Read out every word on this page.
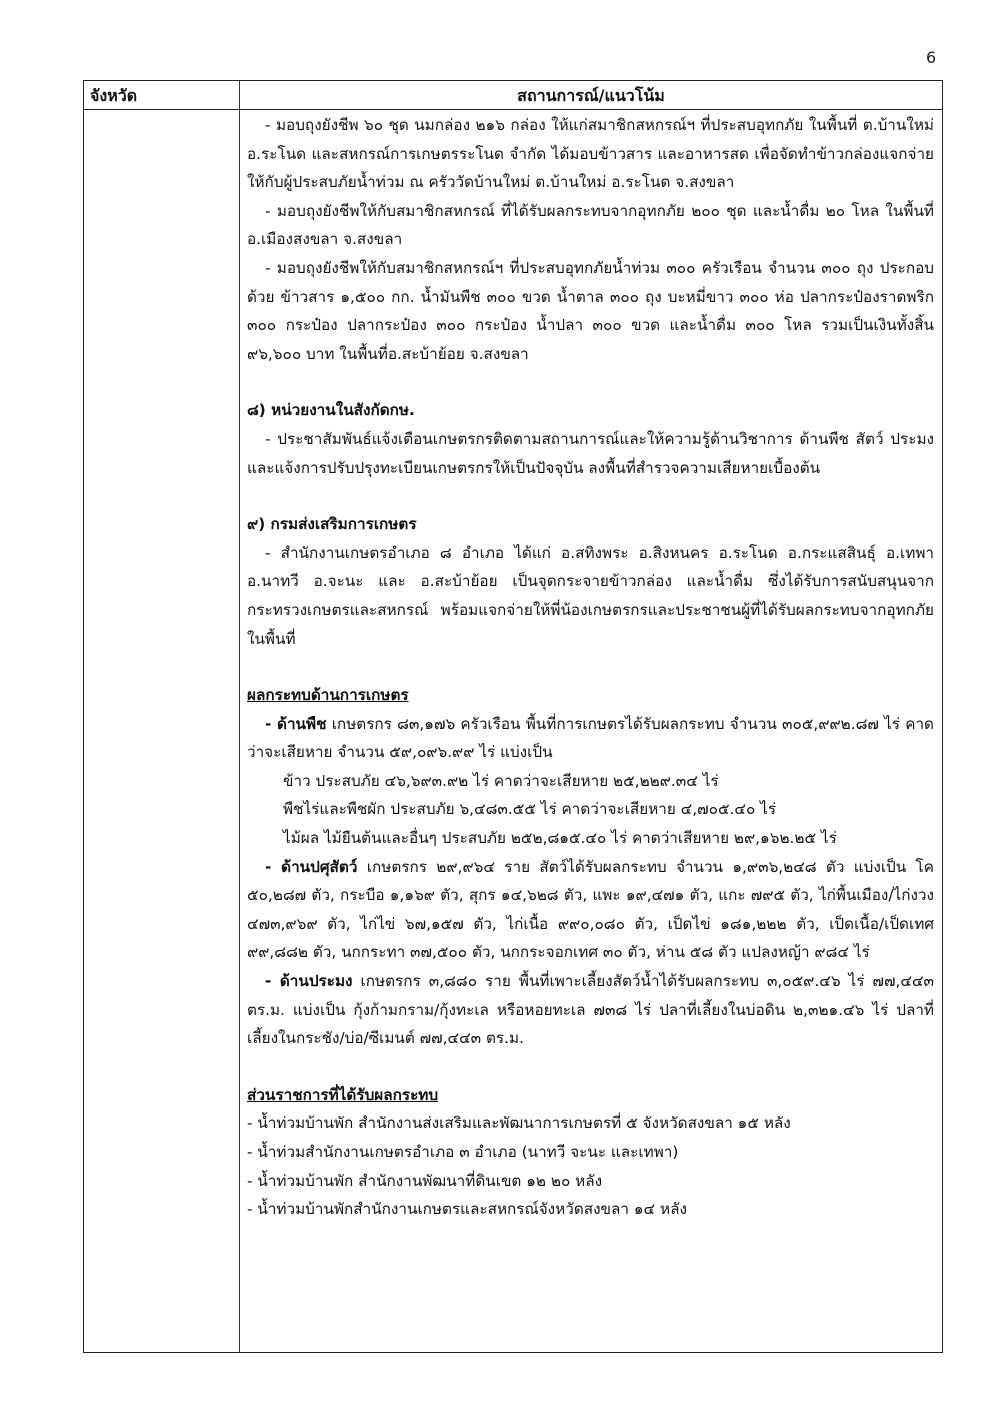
6
จังหวัด	สถานการณ์/แนวโน้ม

- มอบถุงยังชีพ ๖๐ ชุด นมกล่อง ๒๑๖ กล่อง ให้แก่สมาชิกสหกรณ์ฯ ที่ประสบอุทกภัย ในพื้นที่ ต.บ้านใหม่ อ.ระโนด และสหกรณ์การเกษตรระโนด จำกัด ได้มอบข้าวสาร และอาหารสด เพื่อจัดทำข้าวกล่องแจกจ่ายให้กับผู้ประสบภัยน้ำท่วม ณ ครัววัดบ้านใหม่ ต.บ้านใหม่ อ.ระโนด จ.สงขลา

- มอบถุงยังชีพให้กับสมาชิกสหกรณ์ ที่ได้รับผลกระทบจากอุทกภัย ๒๐๐ ชุด และน้ำดื่ม ๒๐ โหล ในพื้นที่ อ.เมืองสงขลา จ.สงขลา

- มอบถุงยังชีพให้กับสมาชิกสหกรณ์ฯ ที่ประสบอุทกภัยน้ำท่วม ๓๐๐ ครัวเรือน จำนวน ๓๐๐ ถุง ประกอบด้วย ข้าวสาร ๑,๕๐๐ กก. น้ำมันพืช ๓๐๐ ขวด น้ำตาล ๓๐๐ ถุง บะหมี่ขาว ๓๐๐ ห่อ ปลากระป๋องราดพริก ๓๐๐ กระป๋อง ปลากระป๋อง ๓๐๐ กระป๋อง น้ำปลา ๓๐๐ ขวด และน้ำดื่ม ๓๐๐ โหล รวมเป็นเงินทั้งสิ้น ๙๖,๖๐๐ บาท ในพื้นที่อ.สะบ้าย้อย จ.สงขลา

๘) หน่วยงานในสังกัดกษ.

- ประชาสัมพันธ์แจ้งเตือนเกษตรกรติดตามสถานการณ์และให้ความรู้ด้านวิชาการ ด้านพืช สัตว์ ประมง และแจ้งการปรับปรุงทะเบียนเกษตรกรให้เป็นปัจจุบัน ลงพื้นที่สำรวจความเสียหายเบื้องต้น

๙) กรมส่งเสริมการเกษตร

- สำนักงานเกษตรอำเภอ ๘ อำเภอ ได้แก่ อ.สทิงพระ อ.สิงหนคร อ.ระโนด อ.กระแสสินธุ์ อ.เทพา อ.นาทวี อ.จะนะ และ อ.สะบ้าย้อย เป็นจุดกระจายข้าวกล่อง และน้ำดื่ม ซึ่งได้รับการสนับสนุนจากกระทรวงเกษตรและสหกรณ์ พร้อมแจกจ่ายให้พี่น้องเกษตรกรและประชาชนผู้ที่ได้รับผลกระทบจากอุทกภัยในพื้นที่

ผลกระทบด้านการเกษตร

- ด้านพืช เกษตรกร ๘๓,๑๗๖ ครัวเรือน พื้นที่การเกษตรได้รับผลกระทบ จำนวน ๓๐๕,๙๙๒.๘๗ ไร่ คาดว่าจะเสียหาย จำนวน ๕๙,๐๙๖.๙๙ ไร่ แบ่งเป็น

ข้าว ประสบภัย ๔๖,๖๙๓.๙๒ ไร่ คาดว่าจะเสียหาย ๒๕,๒๒๙.๓๔ ไร่

พืชไร่และพืชผัก ประสบภัย ๖,๔๘๓.๕๕ ไร่ คาดว่าจะเสียหาย ๔,๗๐๕.๔๐ ไร่

ไม้ผล ไม้ยืนต้นและอื่นๆ ประสบภัย ๒๕๒,๘๑๕.๔๐ ไร่ คาดว่าเสียหาย ๒๙,๑๖๒.๒๕ ไร่

- ด้านปศุสัตว์ เกษตรกร ๒๙,๙๖๔ ราย สัตว์ได้รับผลกระทบ จำนวน ๑,๙๓๖,๒๔๘ ตัว แบ่งเป็น โค ๕๐,๒๘๗ ตัว, กระบือ ๑,๑๖๙ ตัว, สุกร ๑๔,๖๒๘ ตัว, แพะ ๑๙,๔๗๑ ตัว, แกะ ๗๙๕ ตัว, ไก่พื้นเมือง/ไก่งวง ๔๗๓,๙๖๙ ตัว, ไก่ไข่ ๖๗,๑๕๗ ตัว, ไก่เนื้อ ๙๙๐,๐๘๐ ตัว, เป็ดไข่ ๑๘๑,๒๒๒ ตัว, เป็ดเนื้อ/เป็ดเทศ ๙๙,๘๘๒ ตัว, นกกระทา ๓๗,๕๐๐ ตัว, นกกระจอกเทศ ๓๐ ตัว, ห่าน ๕๘ ตัว แปลงหญ้า ๙๘๔ ไร่

- ด้านประมง เกษตรกร ๓,๘๘๐ ราย พื้นที่เพาะเลี้ยงสัตว์น้ำได้รับผลกระทบ ๓,๐๕๙.๔๖ ไร่ ๗๗,๔๔๓ ตร.ม. แบ่งเป็น กุ้งก้ามกราม/กุ้งทะเล หรือหอยทะเล ๗๓๘ ไร่ ปลาที่เลี้ยงในบ่อดิน ๒,๓๒๑.๔๖ ไร่ ปลาที่เลี้ยงในกระชัง/บ่อ/ซีเมนต์ ๗๗,๔๔๓ ตร.ม.

ส่วนราชการที่ได้รับผลกระทบ

- น้ำท่วมบ้านพัก สำนักงานส่งเสริมและพัฒนาการเกษตรที่ ๕ จังหวัดสงขลา ๑๕ หลัง

- น้ำท่วมสำนักงานเกษตรอำเภอ ๓ อำเภอ (นาทวี จะนะ และเทพา)

- น้ำท่วมบ้านพัก สำนักงานพัฒนาที่ดินเขต ๑๒ ๒๐ หลัง

- น้ำท่วมบ้านพักสำนักงานเกษตรและสหกรณ์จังหวัดสงขลา ๑๔ หลัง
